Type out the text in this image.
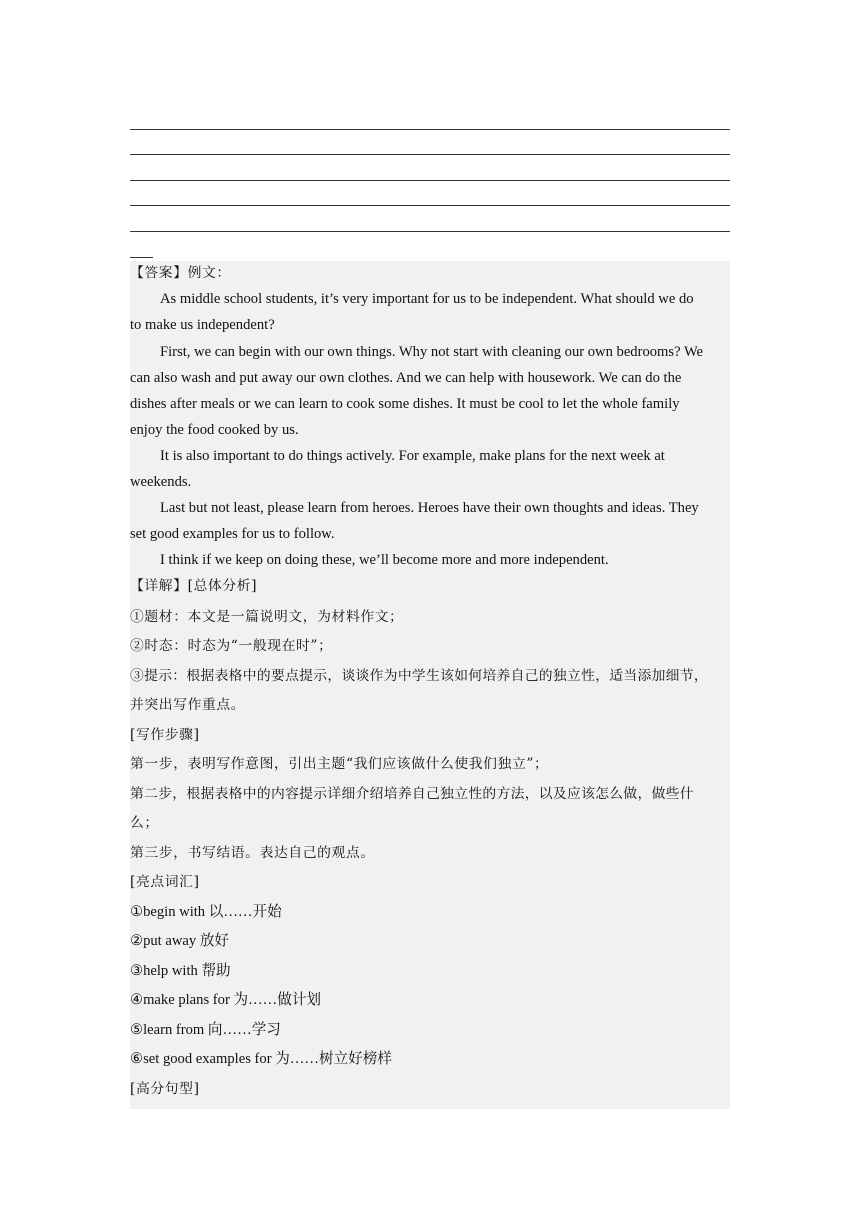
【答案】例文：

As middle school students, it’s very important for us to be independent. What should we do

to make us independent?

First, we can begin with our own things. Why not start with cleaning our own bedrooms? We

can also wash and put away our own clothes. And we can help with housework. We can do the

dishes after meals or we can learn to cook some dishes. It must be cool to let the whole family

enjoy the food cooked by us.

It is also important to do things actively. For example, make plans for the next week at

weekends.

Last but not least, please learn from heroes. Heroes have their own thoughts and ideas. They

set good examples for us to follow.

I think if we keep on doing these, we’ll become more and more independent.

【详解】[总体分析]

①题材：本文是一篇说明文，为材料作文；

②时态：时态为“一般现在时”；

③提示：根据表格中的要点提示，谈谈作为中学生该如何培养自己的独立性，适当添加细节，

并突出写作重点。

[写作步骤]

第一步，表明写作意图，引出主题“我们应该做什么使我们独立”；

第二步，根据表格中的内容提示详细介绍培养自己独立性的方法，以及应该怎么做，做些什

么；

第三步，书写结语。表达自己的观点。

[亮点词汇]

①begin with 以……开始

②put away 放好

③help with 帮助

④make plans for 为……做计划

⑤learn from 向……学习

⑥set good examples for 为……树立好榜样

[高分句型]
